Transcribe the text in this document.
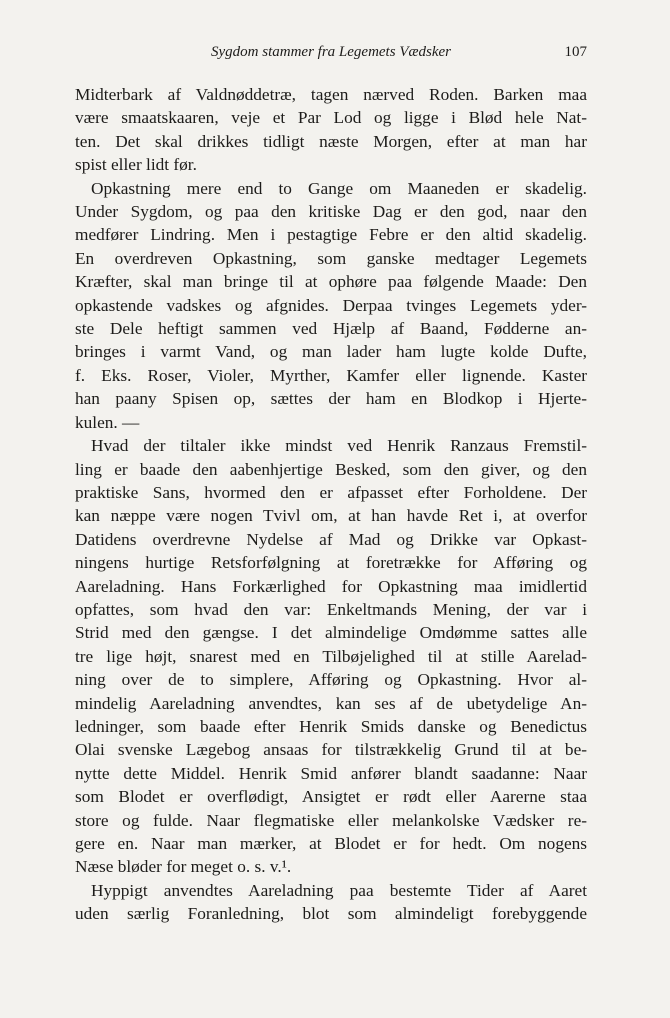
Sygdom stammer fra Legemets Vædsker	107
Midterbark af Valdnøddetræ, tagen nærved Roden. Barken maa
være smaatskaaren, veje et Par Lod og ligge i Blød hele Nat-
ten. Det skal drikkes tidligt næste Morgen, efter at man har
spist eller lidt før.
Opkastning mere end to Gange om Maaneden er skadelig.
Under Sygdom, og paa den kritiske Dag er den god, naar den
medfører Lindring. Men i pestagtige Febre er den altid skadelig.
En overdreven Opkastning, som ganske medtager Legemets
Kræfter, skal man bringe til at ophøre paa følgende Maade: Den
opkastende vadskes og afgnides. Derpaa tvinges Legemets yder-
ste Dele heftigt sammen ved Hjælp af Baand, Fødderne an-
bringes i varmt Vand, og man lader ham lugte kolde Dufte,
f. Eks. Roser, Violer, Myrther, Kamfer eller lignende. Kaster
han paany Spisen op, sættes der ham en Blodkop i Hjerte-
kulen. —
Hvad der tiltaler ikke mindst ved Henrik Ranzaus Fremstil-
ling er baade den aabenhjertige Besked, som den giver, og den
praktiske Sans, hvormed den er afpasset efter Forholdene. Der
kan næppe være nogen Tvivl om, at han havde Ret i, at overfor
Datidens overdrevne Nydelse af Mad og Drikke var Opkast-
ningens hurtige Retsforfølgning at foretrække for Afføring og
Aareladning. Hans Forkærlighed for Opkastning maa imidlertid
opfattes, som hvad den var: Enkeltmands Mening, der var i
Strid med den gængse. I det almindelige Omdømme sattes alle
tre lige højt, snarest med en Tilbøjelighed til at stille Aarelad-
ning over de to simplere, Afføring og Opkastning. Hvor al-
mindelig Aareladning anvendtes, kan ses af de ubetydelige An-
ledninger, som baade efter Henrik Smids danske og Benedictus
Olai svenske Lægebog ansaas for tilstrækkelig Grund til at be-
nytte dette Middel. Henrik Smid anfører blandt saadanne: Naar
som Blodet er overflødigt, Ansigtet er rødt eller Aarerne staa
store og fulde. Naar flegmatiske eller melankolske Vædsker re-
gere en. Naar man mærker, at Blodet er for hedt. Om nogens
Næse bløder for meget o. s. v.¹.
Hyppigt anvendtes Aareladning paa bestemte Tider af Aaret
uden særlig Foranledning, blot som almindeligt forebyggende
